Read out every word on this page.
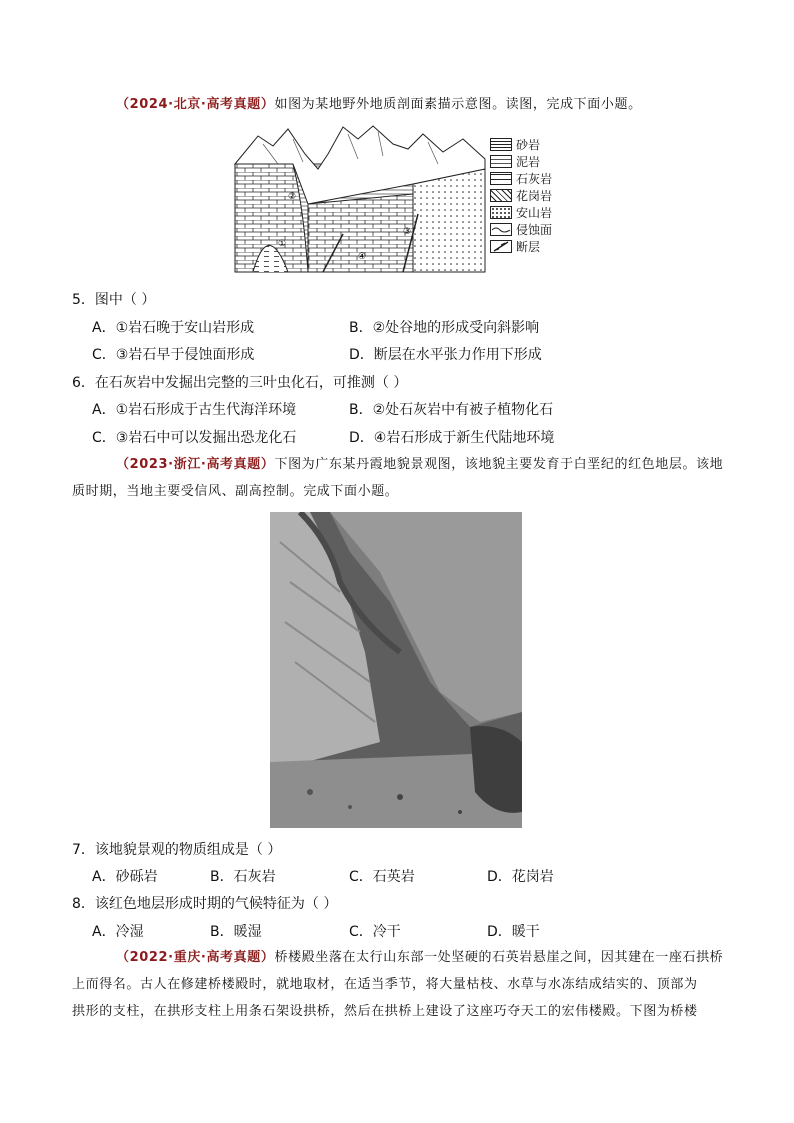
（2024·北京·高考真题）如图为某地野外地质剖面素描示意图。读图，完成下面小题。
①
②
③
④
砂岩
泥岩
石灰岩
花岗岩
安山岩
侵蚀面
断层
5．图中（ ）
A．①岩石晚于安山岩形成	B．②处谷地的形成受向斜影响
C．③岩石早于侵蚀面形成	D．断层在水平张力作用下形成
6．在石灰岩中发掘出完整的三叶虫化石，可推测（ ）
A．①岩石形成于古生代海洋环境	B．②处石灰岩中有被子植物化石
C．③岩石中可以发掘出恐龙化石	D．④岩石形成于新生代陆地环境
（2023·浙江·高考真题）下图为广东某丹霞地貌景观图，该地貌主要发育于白垩纪的红色地层。该地
质时期，当地主要受信风、副高控制。完成下面小题。
7．该地貌景观的物质组成是（ ）
A．砂砾岩	B．石灰岩	C．石英岩	D．花岗岩
8．该红色地层形成时期的气候特征为（ ）
A．冷湿	B．暖湿	C．冷干	D．暖干
（2022·重庆·高考真题）桥楼殿坐落在太行山东部一处坚硬的石英岩悬崖之间，因其建在一座石拱桥
上而得名。古人在修建桥楼殿时，就地取材，在适当季节，将大量枯枝、水草与水冻结成结实的、顶部为
拱形的支柱，在拱形支柱上用条石架设拱桥，然后在拱桥上建设了这座巧夺天工的宏伟楼殿。下图为桥楼
